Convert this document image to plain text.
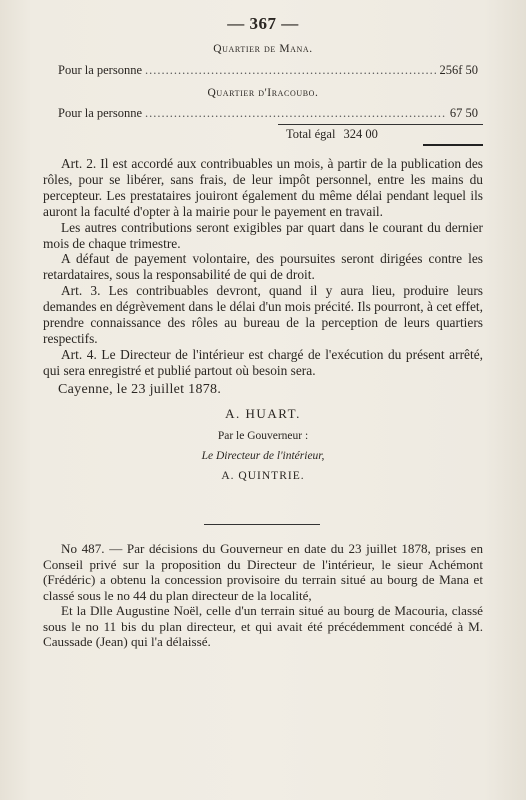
— 367 —
Quartier de Mana.
Pour la personne .....	256f 50
Quartier d'Iracoubo.
Pour la personne .....	67 50
Total égal 324 00

Art. 2. Il est accordé aux contribuables un mois, à partir de la publication des rôles, pour se libérer, sans frais, de leur impôt personnel, entre les mains du percepteur. Les prestataires jouiront également du même délai pendant lequel ils auront la faculté d'opter à la mairie pour le payement en travail.

Les autres contributions seront exigibles par quart dans le courant du dernier mois de chaque trimestre.

A défaut de payement volontaire, des poursuites seront dirigées contre les retardataires, sous la responsabilité de qui de droit.

Art. 3. Les contribuables devront, quand il y aura lieu, produire leurs demandes en dégrèvement dans le délai d'un mois précité. Ils pourront, à cet effet, prendre connaissance des rôles au bureau de la perception de leurs quartiers respectifs.

Art. 4. Le Directeur de l'intérieur est chargé de l'exécution du présent arrêté, qui sera enregistré et publié partout où besoin sera.

Cayenne, le 23 juillet 1878.
A. HUART.
Par le Gouverneur :
Le Directeur de l'intérieur,
A. QUINTRIE.

No 487. — Par décisions du Gouverneur en date du 23 juillet 1878, prises en Conseil privé sur la proposition du Directeur de l'intérieur, le sieur Achémont (Frédéric) a obtenu la concession provisoire du terrain situé au bourg de Mana et classé sous le no 44 du plan directeur de la localité,

Et la Dlle Augustine Noël, celle d'un terrain situé au bourg de Macouria, classé sous le no 11 bis du plan directeur, et qui avait été précédemment concédé à M. Caussade (Jean) qui l'a délaissé.
